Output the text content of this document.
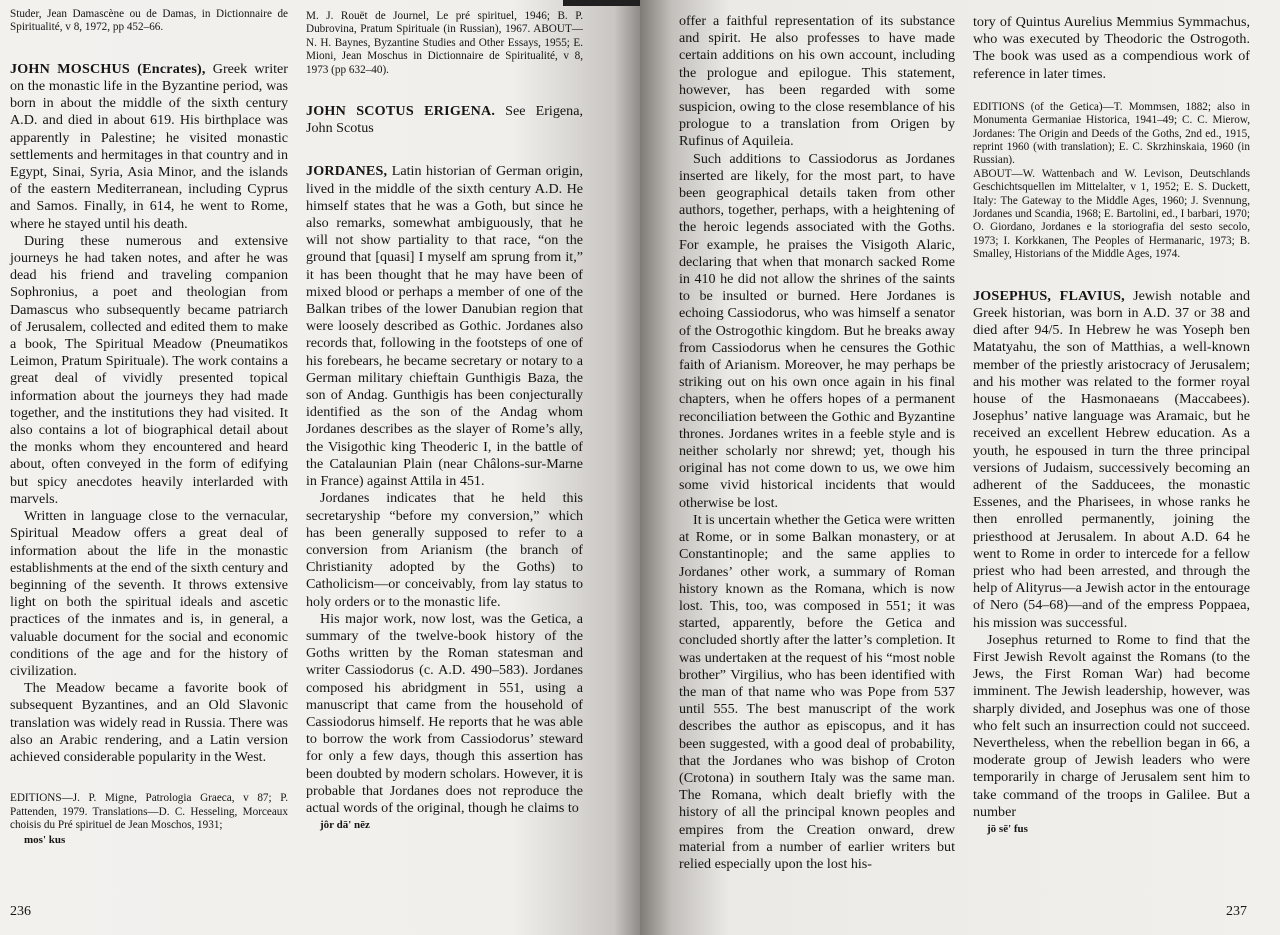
Studer, Jean Damascène ou de Damas, in Dictionnaire de Spiritualité, v 8, 1972, pp 452–66.

JOHN MOSCHUS (Encrates), Greek writer on the monastic life in the Byzantine period, was born in about the middle of the sixth century A.D. and died in about 619. His birthplace was apparently in Palestine; he visited monastic settlements and hermitages in that country and in Egypt, Sinai, Syria, Asia Minor, and the islands of the eastern Mediterranean, including Cyprus and Samos. Finally, in 614, he went to Rome, where he stayed until his death.

During these numerous and extensive journeys he had taken notes, and after he was dead his friend and traveling companion Sophronius, a poet and theologian from Damascus who subsequently became patriarch of Jerusalem, collected and edited them to make a book, The Spiritual Meadow (Pneumatikos Leimon, Pratum Spirituale). The work contains a great deal of vividly presented topical information about the journeys they had made together, and the institutions they had visited. It also contains a lot of biographical detail about the monks whom they encountered and heard about, often conveyed in the form of edifying but spicy anecdotes heavily interlarded with marvels.

Written in language close to the vernacular, Spiritual Meadow offers a great deal of information about the life in the monastic establishments at the end of the sixth century and beginning of the seventh. It throws extensive light on both the spiritual ideals and ascetic practices of the inmates and is, in general, a valuable document for the social and economic conditions of the age and for the history of civilization.

The Meadow became a favorite book of subsequent Byzantines, and an Old Slavonic translation was widely read in Russia. There was also an Arabic rendering, and a Latin version achieved considerable popularity in the West.

EDITIONS—J. P. Migne, Patrologia Graeca, v 87; P. Pattenden, 1979. Translations—D. C. Hesseling, Morceaux choisis du Pré spirituel de Jean Moschos, 1931;

mos' kus

M. J. Rouët de Journel, Le pré spirituel, 1946; B. P. Dubrovina, Pratum Spirituale (in Russian), 1967. ABOUT—N. H. Baynes, Byzantine Studies and Other Essays, 1955; E. Mioni, Jean Moschus in Dictionnaire de Spiritualité, v 8, 1973 (pp 632–40).

JOHN SCOTUS ERIGENA. See Erigena, John Scotus

JORDANES, Latin historian of German origin, lived in the middle of the sixth century A.D. He himself states that he was a Goth, but since he also remarks, somewhat ambiguously, that he will not show partiality to that race, “on the ground that [quasi] I myself am sprung from it,” it has been thought that he may have been of mixed blood or perhaps a member of one of the Balkan tribes of the lower Danubian region that were loosely described as Gothic. Jordanes also records that, following in the footsteps of one of his forebears, he became secretary or notary to a German military chieftain Gunthigis Baza, the son of Andag. Gunthigis has been conjecturally identified as the son of the Andag whom Jordanes describes as the slayer of Rome’s ally, the Visigothic king Theoderic I, in the battle of the Catalaunian Plain (near Châlons-sur-Marne in France) against Attila in 451.

Jordanes indicates that he held this secretaryship “before my conversion,” which has been generally supposed to refer to a conversion from Arianism (the branch of Christianity adopted by the Goths) to Catholicism—or conceivably, from lay status to holy orders or to the monastic life.

His major work, now lost, was the Getica, a summary of the twelve-book history of the Goths written by the Roman statesman and writer Cassiodorus (c. A.D. 490–583). Jordanes composed his abridgment in 551, using a manuscript that came from the household of Cassiodorus himself. He reports that he was able to borrow the work from Cassiodorus’ steward for only a few days, though this assertion has been doubted by modern scholars. However, it is probable that Jordanes does not reproduce the actual words of the original, though he claims to

jôr dā' nēz

236

offer a faithful representation of its substance and spirit. He also professes to have made certain additions on his own account, including the prologue and epilogue. This statement, however, has been regarded with some suspicion, owing to the close resemblance of his prologue to a translation from Origen by Rufinus of Aquileia.

Such additions to Cassiodorus as Jordanes inserted are likely, for the most part, to have been geographical details taken from other authors, together, perhaps, with a heightening of the heroic legends associated with the Goths. For example, he praises the Visigoth Alaric, declaring that when that monarch sacked Rome in 410 he did not allow the shrines of the saints to be insulted or burned. Here Jordanes is echoing Cassiodorus, who was himself a senator of the Ostrogothic kingdom. But he breaks away from Cassiodorus when he censures the Gothic faith of Arianism. Moreover, he may perhaps be striking out on his own once again in his final chapters, when he offers hopes of a permanent reconciliation between the Gothic and Byzantine thrones. Jordanes writes in a feeble style and is neither scholarly nor shrewd; yet, though his original has not come down to us, we owe him some vivid historical incidents that would otherwise be lost.

It is uncertain whether the Getica were written at Rome, or in some Balkan monastery, or at Constantinople; and the same applies to Jordanes’ other work, a summary of Roman history known as the Romana, which is now lost. This, too, was composed in 551; it was started, apparently, before the Getica and concluded shortly after the latter’s completion. It was undertaken at the request of his “most noble brother” Virgilius, who has been identified with the man of that name who was Pope from 537 until 555. The best manuscript of the work describes the author as episcopus, and it has been suggested, with a good deal of probability, that the Jordanes who was bishop of Croton (Crotona) in southern Italy was the same man. The Romana, which dealt briefly with the history of all the principal known peoples and empires from the Creation onward, drew material from a number of earlier writers but relied especially upon the lost his-

tory of Quintus Aurelius Memmius Symmachus, who was executed by Theodoric the Ostrogoth. The book was used as a compendious work of reference in later times.

EDITIONS (of the Getica)—T. Mommsen, 1882; also in Monumenta Germaniae Historica, 1941–49; C. C. Mierow, Jordanes: The Origin and Deeds of the Goths, 2nd ed., 1915, reprint 1960 (with translation); E. C. Skrzhinskaia, 1960 (in Russian).

ABOUT—W. Wattenbach and W. Levison, Deutschlands Geschichtsquellen im Mittelalter, v 1, 1952; E. S. Duckett, Italy: The Gateway to the Middle Ages, 1960; J. Svennung, Jordanes und Scandia, 1968; E. Bartolini, ed., I barbari, 1970; O. Giordano, Jordanes e la storiografia del sesto secolo, 1973; I. Korkkanen, The Peoples of Hermanaric, 1973; B. Smalley, Historians of the Middle Ages, 1974.

JOSEPHUS, FLAVIUS, Jewish notable and Greek historian, was born in A.D. 37 or 38 and died after 94/5. In Hebrew he was Yoseph ben Matatyahu, the son of Matthias, a well-known member of the priestly aristocracy of Jerusalem; and his mother was related to the former royal house of the Hasmonaeans (Maccabees). Josephus’ native language was Aramaic, but he received an excellent Hebrew education. As a youth, he espoused in turn the three principal versions of Judaism, successively becoming an adherent of the Sadducees, the monastic Essenes, and the Pharisees, in whose ranks he then enrolled permanently, joining the priesthood at Jerusalem. In about A.D. 64 he went to Rome in order to intercede for a fellow priest who had been arrested, and through the help of Alityrus—a Jewish actor in the entourage of Nero (54–68)—and of the empress Poppaea, his mission was successful.

Josephus returned to Rome to find that the First Jewish Revolt against the Romans (to the Jews, the First Roman War) had become imminent. The Jewish leadership, however, was sharply divided, and Josephus was one of those who felt such an insurrection could not succeed. Nevertheless, when the rebellion began in 66, a moderate group of Jewish leaders who were temporarily in charge of Jerusalem sent him to take command of the troops in Galilee. But a number

jō sē' fus

237
